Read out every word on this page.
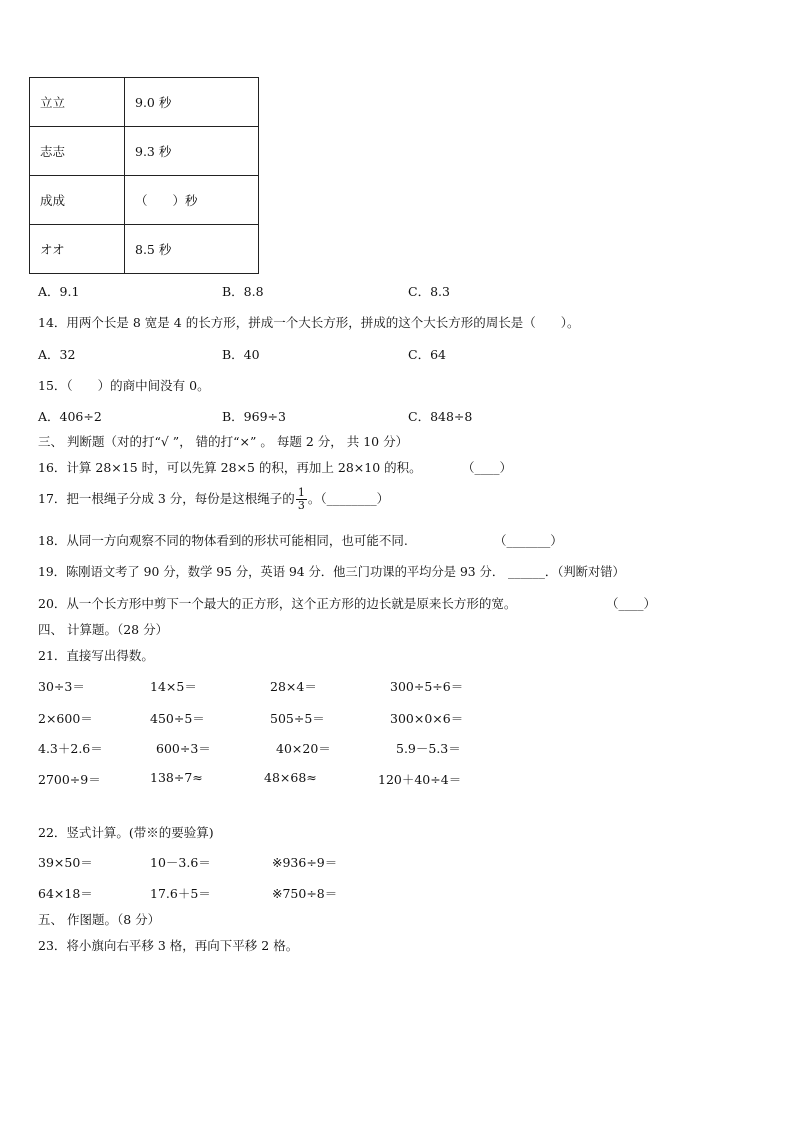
立立	9.0 秒
志志	9.3 秒
成成	（　　）秒
オオ	8.5 秒
A．9.1	B．8.8	C．8.3
14．用两个长是 8 宽是 4 的长方形，拼成一个大长方形，拼成的这个大长方形的周长是（　　）。
A．32	B．40	C．64
15．（　　）的商中间没有 0。
A．406÷2	B．969÷3	C．848÷8
三、 判断题（对的打“√ ”， 错的打“×” 。 每题 2 分， 共 10 分）
16．计算 28×15 时，可以先算 28×5 的积，再加上 28×10 的积。	（____）
17．把一根绳子分成 3 分，每份是这根绳子的 $\frac{1}{3}$ 。（________）
18．从同一方向观察不同的物体看到的形状可能相同，也可能不同.	（_______）
19．陈刚语文考了 90 分，数学 95 分，英语 94 分．他三门功课的平均分是 93 分． ______．（判断对错）
20．从一个长方形中剪下一个最大的正方形，这个正方形的边长就是原来长方形的宽。	（____）
四、 计算题。（28 分）
21．直接写出得数。
30÷3＝	14×5＝	28×4＝	300÷5÷6＝
2×600＝	450÷5＝	505÷5＝	300×0×6＝
4.3＋2.6＝	600÷3＝	40×20＝	5.9－5.3＝
2700÷9＝	138÷7≈	48×68≈	120＋40÷4＝
22．竖式计算。(带※的要验算)
39×50＝	10－3.6＝	※936÷9＝
64×18＝	17.6＋5＝	※750÷8＝
五、 作图题。（8 分）
23．将小旗向右平移 3 格，再向下平移 2 格。
